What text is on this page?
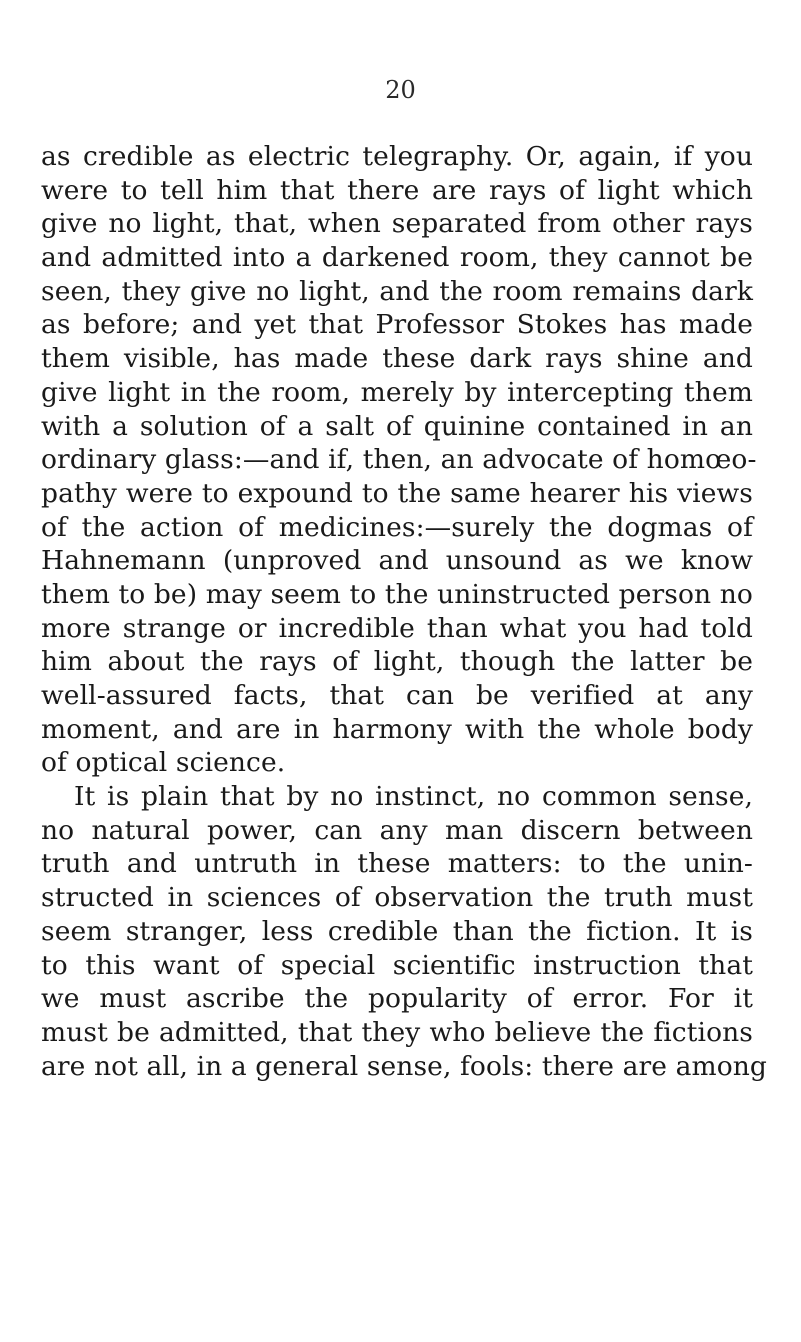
20
as credible as electric telegraphy. Or, again, if you
were to tell him that there are rays of light which
give no light, that, when separated from other rays
and admitted into a darkened room, they cannot be
seen, they give no light, and the room remains dark
as before; and yet that Professor Stokes has made
them visible, has made these dark rays shine and
give light in the room, merely by intercepting them
with a solution of a salt of quinine contained in an
ordinary glass:—and if, then, an advocate of homœo-
pathy were to expound to the same hearer his views
of the action of medicines:—surely the dogmas of
Hahnemann (unproved and unsound as we know
them to be) may seem to the uninstructed person no
more strange or incredible than what you had told
him about the rays of light, though the latter be
well-assured facts, that can be verified at any
moment, and are in harmony with the whole body
of optical science.
It is plain that by no instinct, no common sense,
no natural power, can any man discern between
truth and untruth in these matters: to the unin-
structed in sciences of observation the truth must
seem stranger, less credible than the fiction. It is
to this want of special scientific instruction that
we must ascribe the popularity of error. For it
must be admitted, that they who believe the fictions
are not all, in a general sense, fools: there are among
